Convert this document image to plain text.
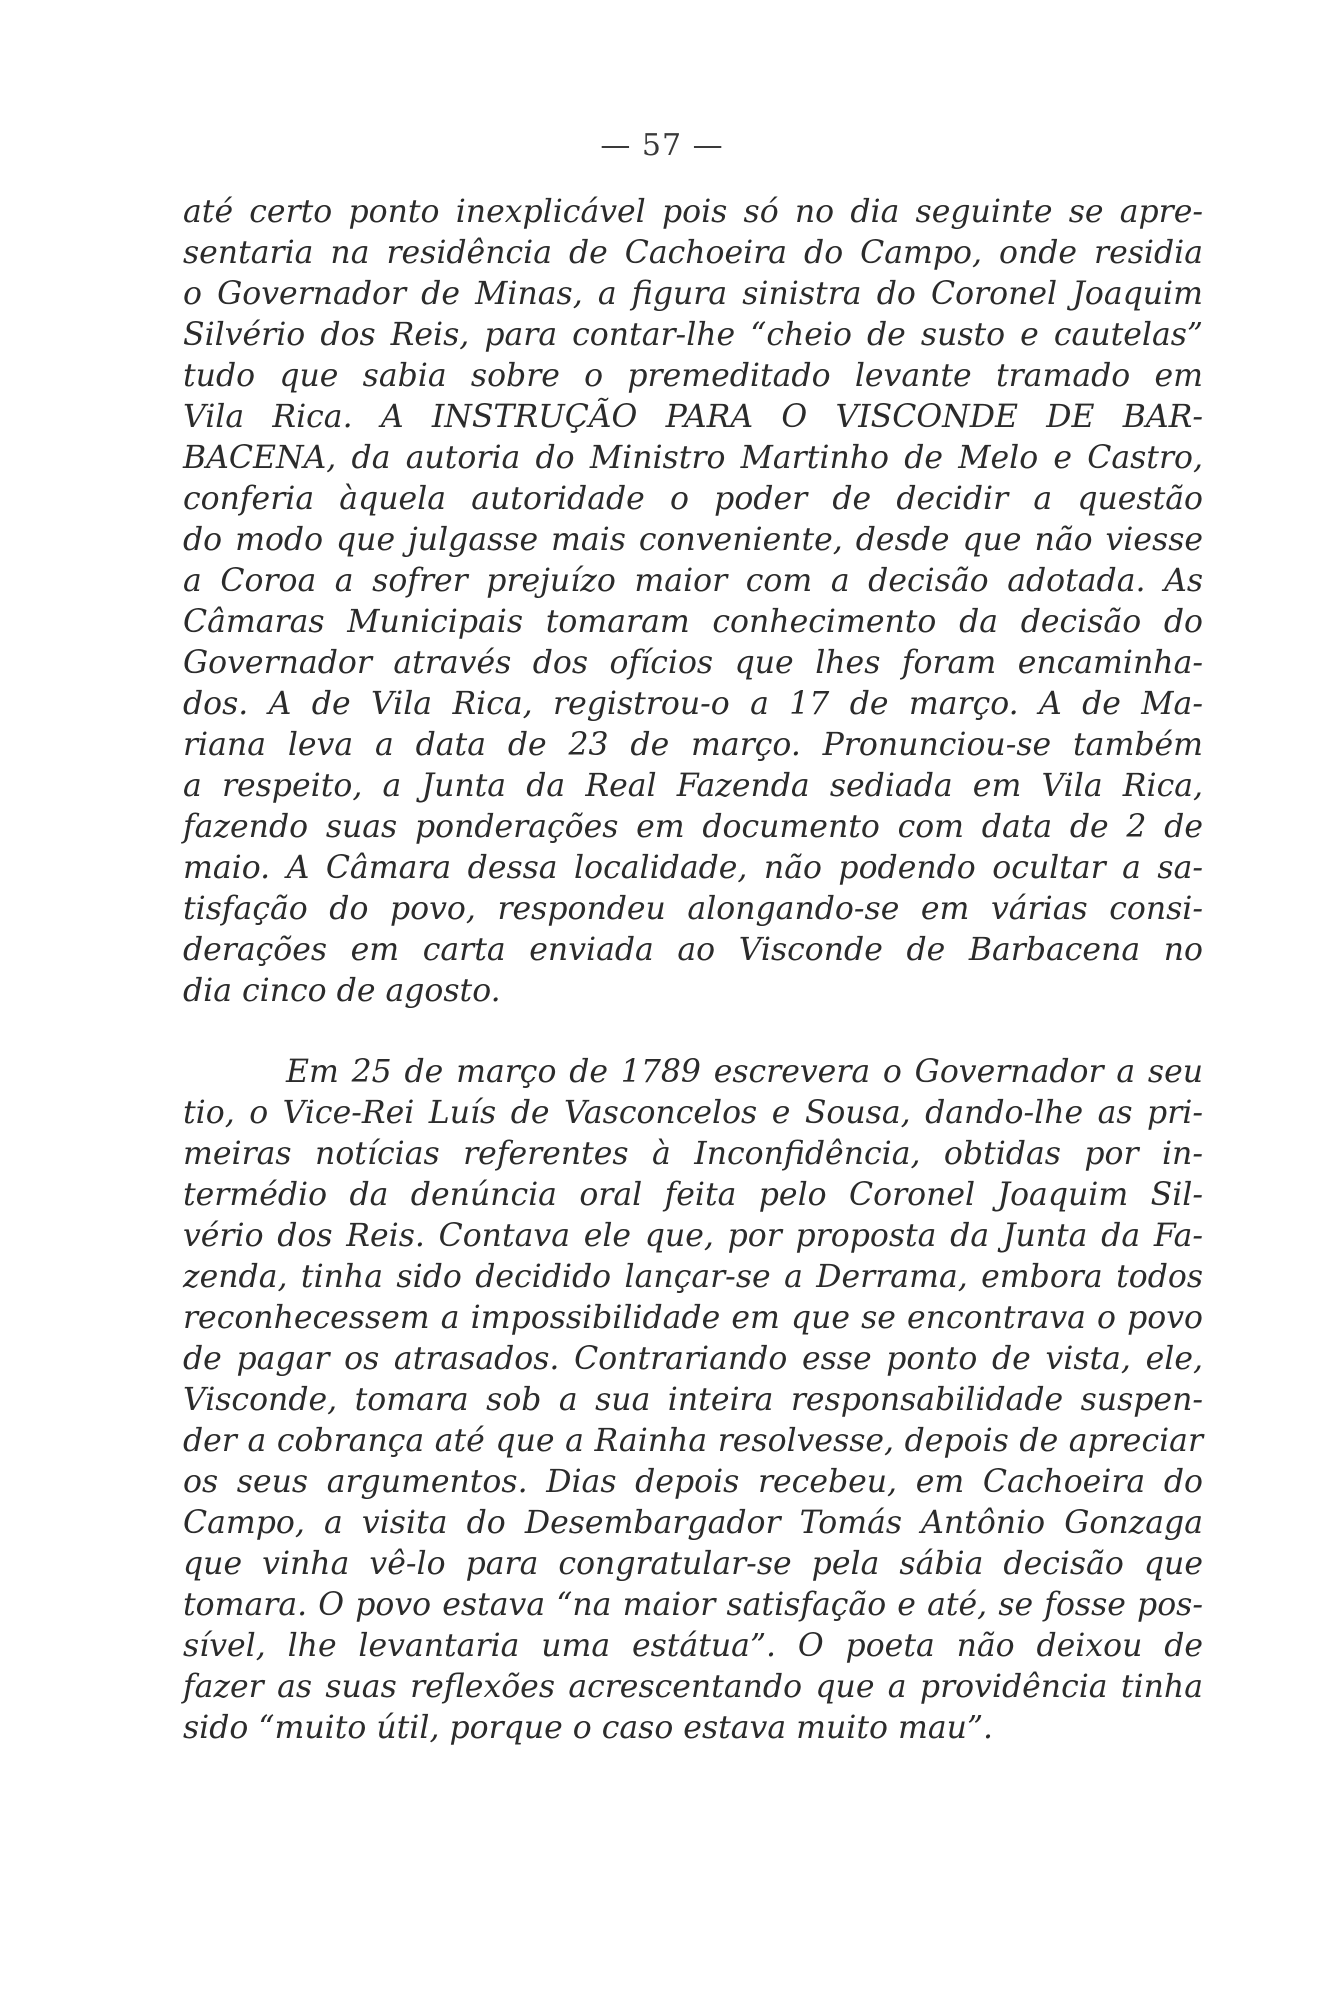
— 57 —
até certo ponto inexplicável pois só no dia seguinte se apre-
sentaria na residência de Cachoeira do Campo, onde residia
o Governador de Minas, a figura sinistra do Coronel Joaquim
Silvério dos Reis, para contar-lhe “cheio de susto e cautelas”
tudo que sabia sobre o premeditado levante tramado em
Vila Rica. A INSTRUÇÃO PARA O VISCONDE DE BAR-
BACENA, da autoria do Ministro Martinho de Melo e Castro,
conferia àquela autoridade o poder de decidir a questão
do modo que julgasse mais conveniente, desde que não viesse
a Coroa a sofrer prejuízo maior com a decisão adotada. As
Câmaras Municipais tomaram conhecimento da decisão do
Governador através dos ofícios que lhes foram encaminha-
dos. A de Vila Rica, registrou-o a 17 de março. A de Ma-
riana leva a data de 23 de março. Pronunciou-se também
a respeito, a Junta da Real Fazenda sediada em Vila Rica,
fazendo suas ponderações em documento com data de 2 de
maio. A Câmara dessa localidade, não podendo ocultar a sa-
tisfação do povo, respondeu alongando-se em várias consi-
derações em carta enviada ao Visconde de Barbacena no
dia cinco de agosto.
Em 25 de março de 1789 escrevera o Governador a seu
tio, o Vice-Rei Luís de Vasconcelos e Sousa, dando-lhe as pri-
meiras notícias referentes à Inconfidência, obtidas por in-
termédio da denúncia oral feita pelo Coronel Joaquim Sil-
vério dos Reis. Contava ele que, por proposta da Junta da Fa-
zenda, tinha sido decidido lançar-se a Derrama, embora todos
reconhecessem a impossibilidade em que se encontrava o povo
de pagar os atrasados. Contrariando esse ponto de vista, ele,
Visconde, tomara sob a sua inteira responsabilidade suspen-
der a cobrança até que a Rainha resolvesse, depois de apreciar
os seus argumentos. Dias depois recebeu, em Cachoeira do
Campo, a visita do Desembargador Tomás Antônio Gonzaga
que vinha vê-lo para congratular-se pela sábia decisão que
tomara. O povo estava “na maior satisfação e até, se fosse pos-
sível, lhe levantaria uma estátua”. O poeta não deixou de
fazer as suas reflexões acrescentando que a providência tinha
sido “muito útil, porque o caso estava muito mau”.
